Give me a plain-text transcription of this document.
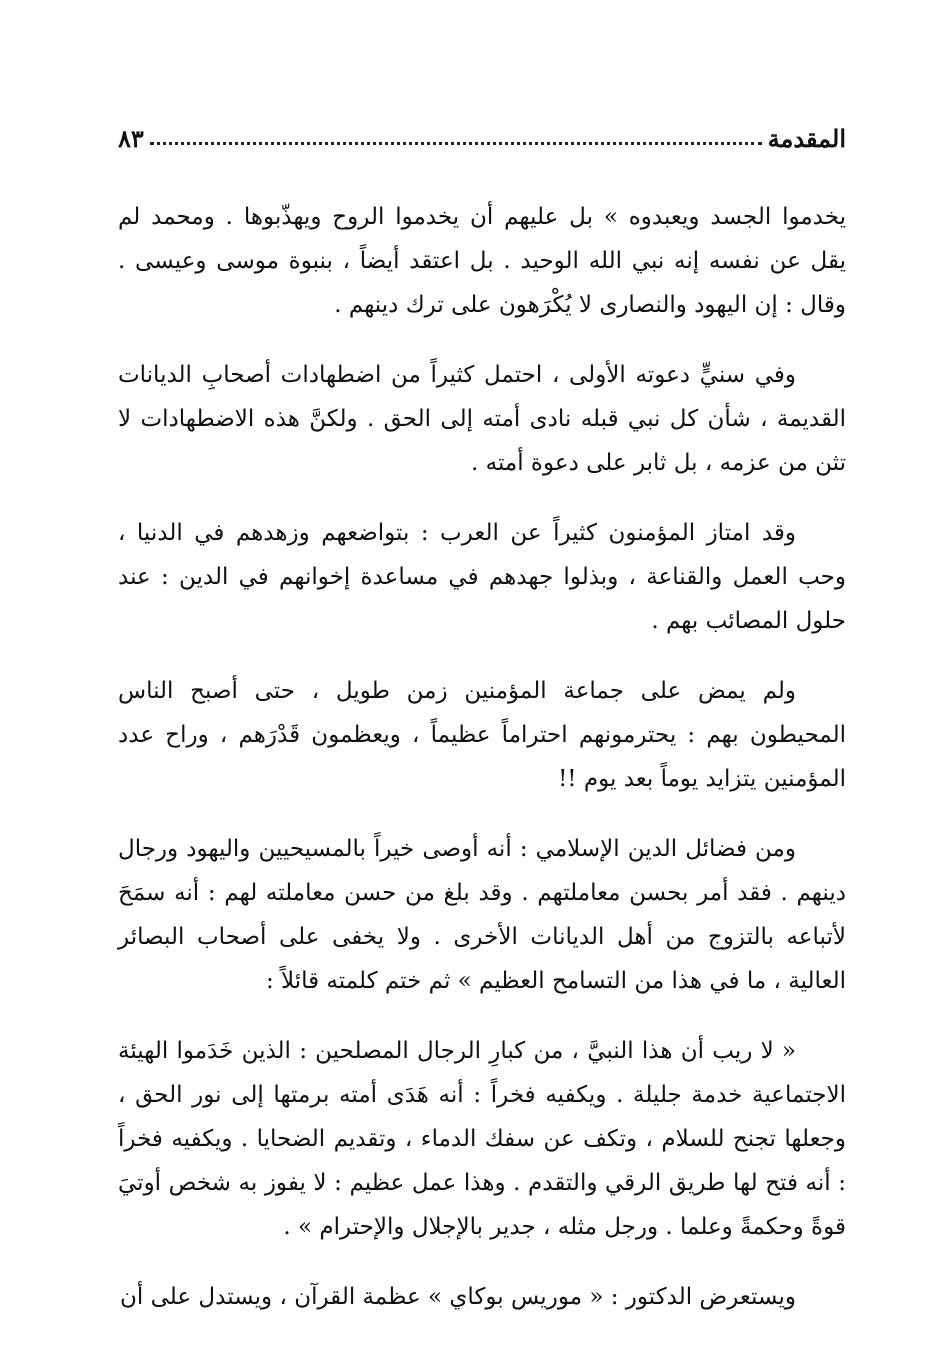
المقدمة
٨٣

يخدموا الجسد ويعبدوه » بل عليهم أن يخدموا الروح ويهذّبوها . ومحمد لم يقل عن نفسه إنه نبي الله الوحيد . بل اعتقد أيضاً ، بنبوة موسى وعيسى . وقال : إن اليهود والنصارى لا يُكْرَهون على ترك دينهم .

وفي سنيٍّ دعوته الأولى ، احتمل كثيراً من اضطهادات أصحابِ الديانات القديمة ، شأن كل نبي قبله نادى أمته إلى الحق . ولكنَّ هذه الاضطهادات لا تثن من عزمه ، بل ثابر على دعوة أمته .

وقد امتاز المؤمنون كثيراً عن العرب : بتواضعهم وزهدهم في الدنيا ، وحب العمل والقناعة ، وبذلوا جهدهم في مساعدة إخوانهم في الدين : عند حلول المصائب بهم .

ولم يمض على جماعة المؤمنين زمن طويل ، حتى أصبح الناس المحيطون بهم : يحترمونهم احتراماً عظيماً ، ويعظمون قَدْرَهم ، وراح عدد المؤمنين يتزايد يوماً بعد يوم !!

ومن فضائل الدين الإسلامي : أنه أوصى خيراً بالمسيحيين واليهود ورجال دينهم . فقد أمر بحسن معاملتهم . وقد بلغ من حسن معاملته لهم : أنه سمَحَ لأتباعه بالتزوج من أهل الديانات الأخرى . ولا يخفى على أصحاب البصائر العالية ، ما في هذا من التسامح العظيم » ثم ختم كلمته قائلاً :

« لا ريب أن هذا النبيَّ ، من كبارِ الرجال المصلحين : الذين خَدَموا الهيئة الاجتماعية خدمة جليلة . ويكفيه فخراً : أنه هَدَى أمته برمتها إلى نور الحق ، وجعلها تجنح للسلام ، وتكف عن سفك الدماء ، وتقديم الضحايا . ويكفيه فخراً : أنه فتح لها طريق الرقي والتقدم . وهذا عمل عظيم : لا يفوز به شخص أوتيَ قوةً وحكمةً وعلما . ورجل مثله ، جدير بالإجلال والإحترام » .

ويستعرض الدكتور : « موريس بوكاي » عظمة القرآن ، ويستدل على أن
